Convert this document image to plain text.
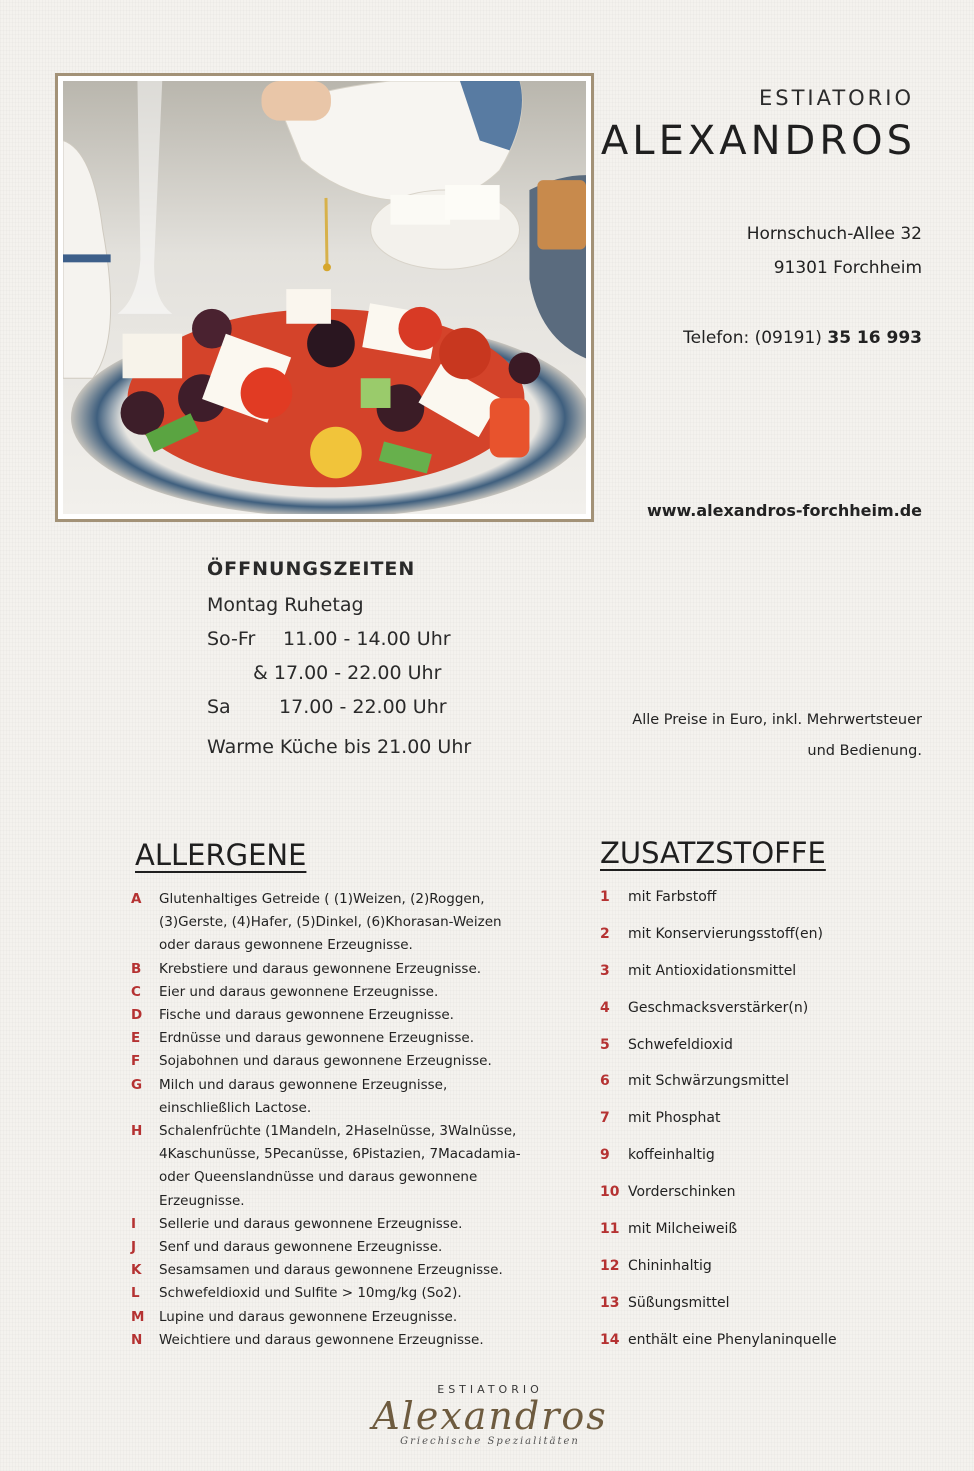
ESTIATORIO
ALEXANDROS
Hornschuch-Allee 32
91301 Forchheim
Telefon: (09191) 35 16 993
www.alexandros-forchheim.de
ÖFFNUNGSZEITEN
Montag Ruhetag
So-Fr 11.00 - 14.00 Uhr
& 17.00 - 22.00 Uhr
Sa	17.00 - 22.00 Uhr
Warme Küche bis 21.00 Uhr
Alle Preise in Euro, inkl. Mehrwertsteuer
und Bedienung.
ALLERGENE
A	Glutenhaltiges Getreide ( (1)Weizen, (2)Roggen,
(3)Gerste, (4)Hafer, (5)Dinkel, (6)Khorasan-Weizen
oder daraus gewonnene Erzeugnisse.
B	Krebstiere und daraus gewonnene Erzeugnisse.
C	Eier und daraus gewonnene Erzeugnisse.
D	Fische und daraus gewonnene Erzeugnisse.
E	Erdnüsse und daraus gewonnene Erzeugnisse.
F	Sojabohnen und daraus gewonnene Erzeugnisse.
G	Milch und daraus gewonnene Erzeugnisse,
einschließlich Lactose.
H	Schalenfrüchte (1Mandeln, 2Haselnüsse, 3Walnüsse,
4Kaschunüsse, 5Pecanüsse, 6Pistazien, 7Macadamia-
oder Queenslandnüsse und daraus gewonnene
Erzeugnisse.
I	Sellerie und daraus gewonnene Erzeugnisse.
J	Senf und daraus gewonnene Erzeugnisse.
K	Sesamsamen und daraus gewonnene Erzeugnisse.
L	Schwefeldioxid und Sulfite > 10mg/kg (So2).
M	Lupine und daraus gewonnene Erzeugnisse.
N	Weichtiere und daraus gewonnene Erzeugnisse.
ZUSATZSTOFFE
1 mit Farbstoff
2 mit Konservierungsstoff(en)
3 mit Antioxidationsmittel
4 Geschmacksverstärker(n)
5 Schwefeldioxid
6 mit Schwärzungsmittel
7 mit Phosphat
9 koffeinhaltig
10 Vorderschinken
11 mit Milcheiweiß
12 Chininhaltig
13 Süßungsmittel
14 enthält eine Phenylaninquelle
ESTIATORIO
Alexandros
Griechische Spezialitäten
